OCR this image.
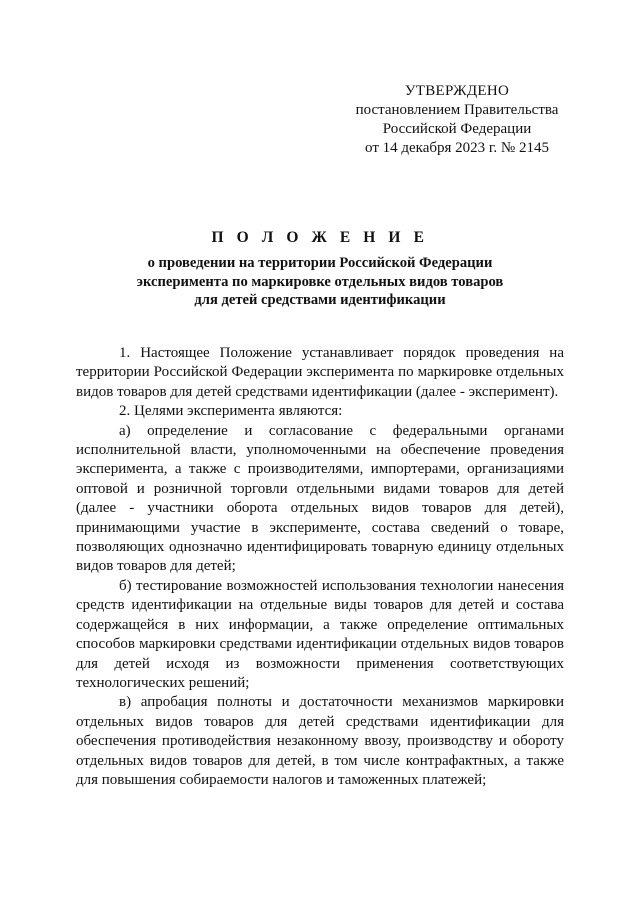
УТВЕРЖДЕНО
постановлением Правительства
Российской Федерации
от 14 декабря 2023 г. № 2145
П О Л О Ж Е Н И Е
о проведении на территории Российской Федерации
эксперимента по маркировке отдельных видов товаров
для детей средствами идентификации

1. Настоящее Положение устанавливает порядок проведения на территории Российской Федерации эксперимента по маркировке отдельных видов товаров для детей средствами идентификации (далее - эксперимент).

2. Целями эксперимента являются:

а) определение и согласование с федеральными органами исполнительной власти, уполномоченными на обеспечение проведения эксперимента, а также с производителями, импортерами, организациями оптовой и розничной торговли отдельными видами товаров для детей (далее - участники оборота отдельных видов товаров для детей), принимающими участие в эксперименте, состава сведений о товаре, позволяющих однозначно идентифицировать товарную единицу отдельных видов товаров для детей;

б) тестирование возможностей использования технологии нанесения средств идентификации на отдельные виды товаров для детей и состава содержащейся в них информации, а также определение оптимальных способов маркировки средствами идентификации отдельных видов товаров для детей исходя из возможности применения соответствующих технологических решений;

в) апробация полноты и достаточности механизмов маркировки отдельных видов товаров для детей средствами идентификации для обеспечения противодействия незаконному ввозу, производству и обороту отдельных видов товаров для детей, в том числе контрафактных, а также для повышения собираемости налогов и таможенных платежей;
